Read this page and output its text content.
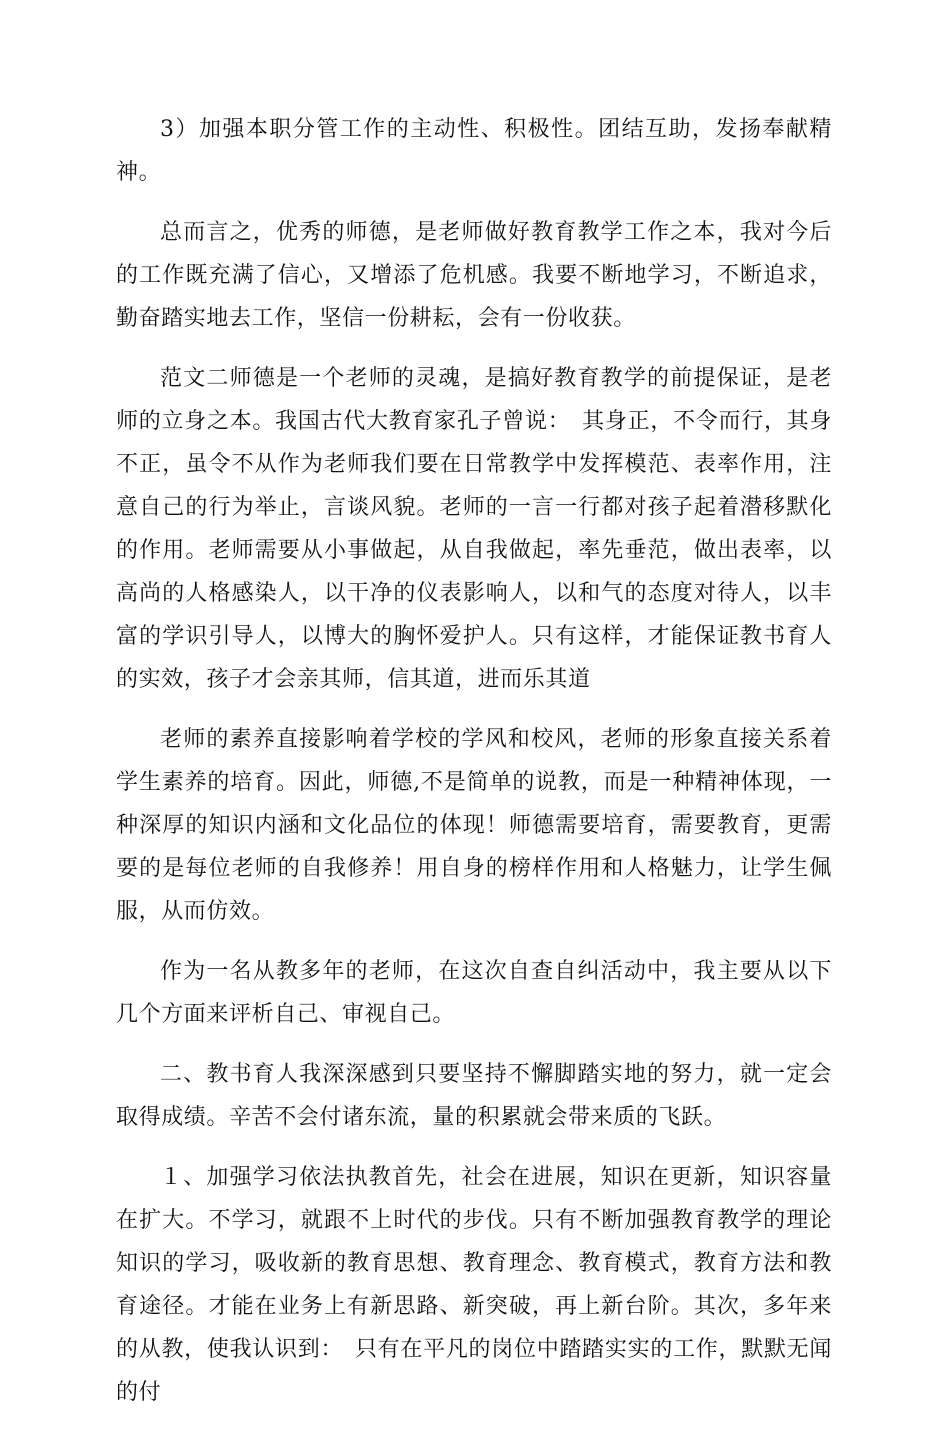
3）加强本职分管工作的主动性、积极性。团结互助，发扬奉献精神。

总而言之，优秀的师德，是老师做好教育教学工作之本，我对今后的工作既充满了信心，又增添了危机感。我要不断地学习，不断追求，勤奋踏实地去工作，坚信一份耕耘，会有一份收获。

范文二师德是一个老师的灵魂，是搞好教育教学的前提保证，是老师的立身之本。我国古代大教育家孔子曾说：　其身正，不令而行，其身不正，虽令不从作为老师我们要在日常教学中发挥模范、表率作用，注意自己的行为举止，言谈风貌。老师的一言一行都对孩子起着潜移默化的作用。老师需要从小事做起，从自我做起，率先垂范，做出表率，以高尚的人格感染人，以干净的仪表影响人，以和气的态度对待人，以丰富的学识引导人，以博大的胸怀爱护人。只有这样，才能保证教书育人的实效，孩子才会亲其师，信其道，进而乐其道

老师的素养直接影响着学校的学风和校风，老师的形象直接关系着学生素养的培育。因此，师德,不是简单的说教，而是一种精神体现，一种深厚的知识内涵和文化品位的体现！师德需要培育，需要教育，更需要的是每位老师的自我修养！用自身的榜样作用和人格魅力，让学生佩服，从而仿效。

作为一名从教多年的老师，在这次自查自纠活动中，我主要从以下几个方面来评析自己、审视自己。

二、教书育人我深深感到只要坚持不懈脚踏实地的努力，就一定会取得成绩。辛苦不会付诸东流，量的积累就会带来质的飞跃。

１、加强学习依法执教首先，社会在进展，知识在更新，知识容量在扩大。不学习，就跟不上时代的步伐。只有不断加强教育教学的理论知识的学习，吸收新的教育思想、教育理念、教育模式，教育方法和教育途径。才能在业务上有新思路、新突破，再上新台阶。其次，多年来的从教，使我认识到：　只有在平凡的岗位中踏踏实实的工作，默默无闻的付
